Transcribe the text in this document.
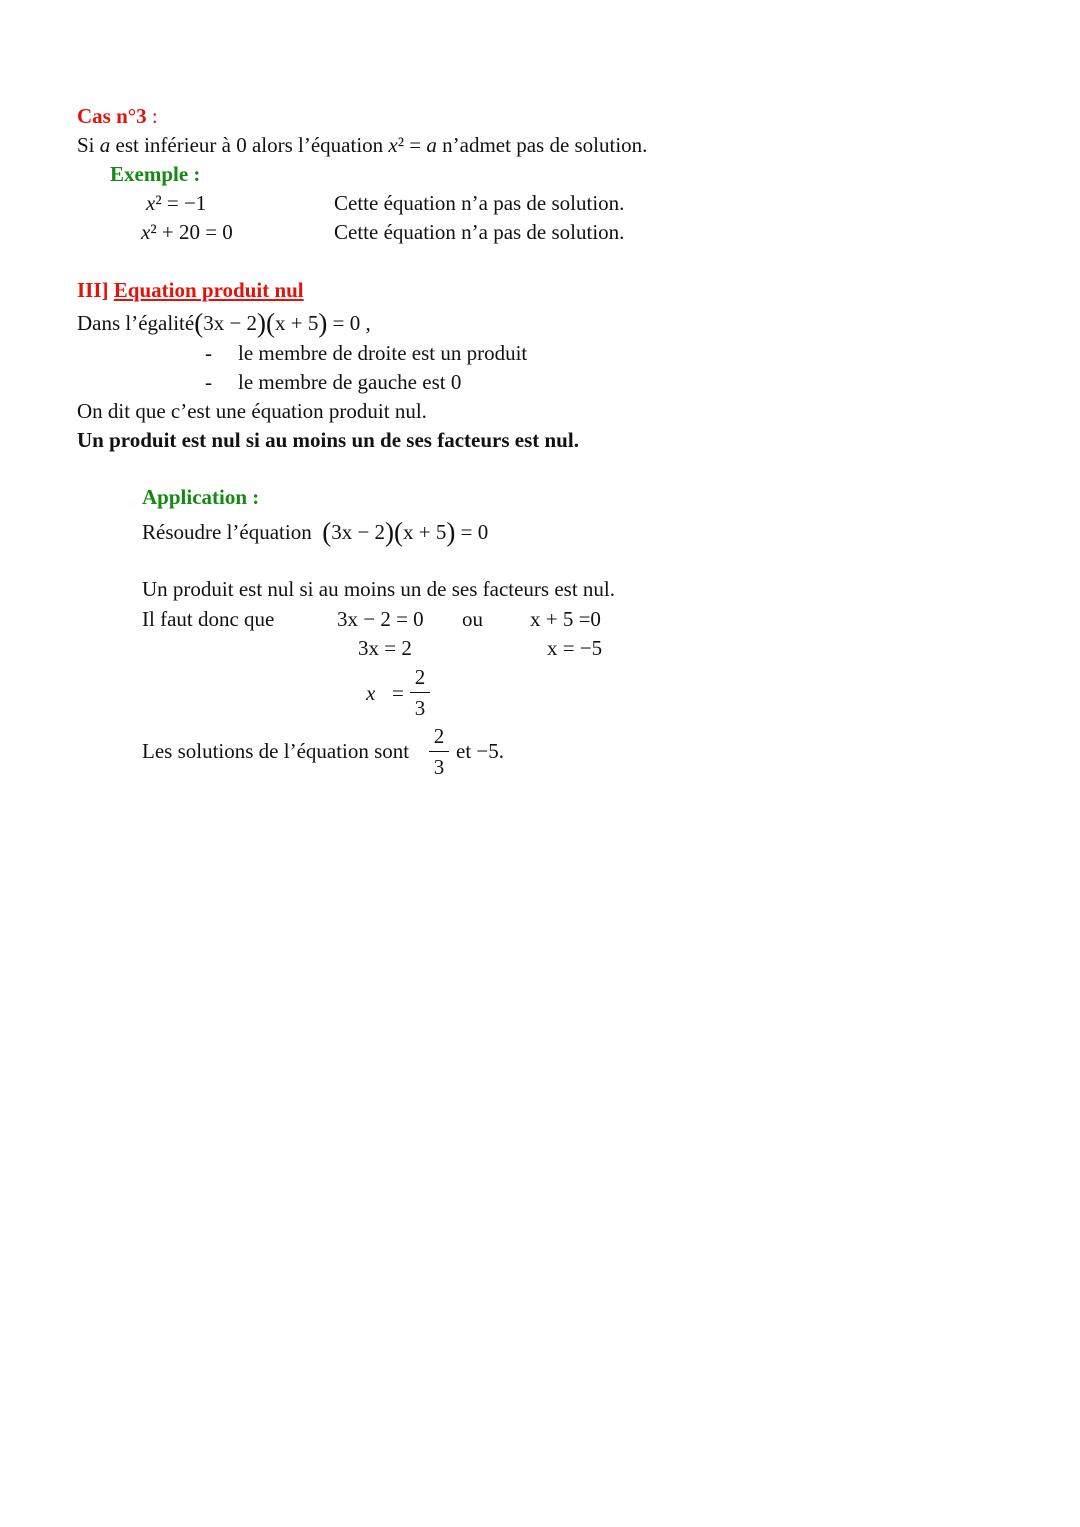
Cas n°3 :
Si a est inférieur à 0 alors l’équation x² = a n’admet pas de solution.
Exemple :
x² = −1	Cette équation n’a pas de solution.
x² + 20 = 0	Cette équation n’a pas de solution.
III] Equation produit nul
Dans l’égalité(3x − 2)(x + 5) = 0 ,
- le membre de droite est un produit
- le membre de gauche est 0
On dit que c’est une équation produit nul.
Un produit est nul si au moins un de ses facteurs est nul.
Application :
Résoudre l’équation (3x − 2)(x + 5) = 0
Un produit est nul si au moins un de ses facteurs est nul.
Il faut donc que	3x − 2 = 0 ou x + 5 =0
3x = 2	x = −5
x =
2
3
Les solutions de l’équation sont
2
3
et −5.
